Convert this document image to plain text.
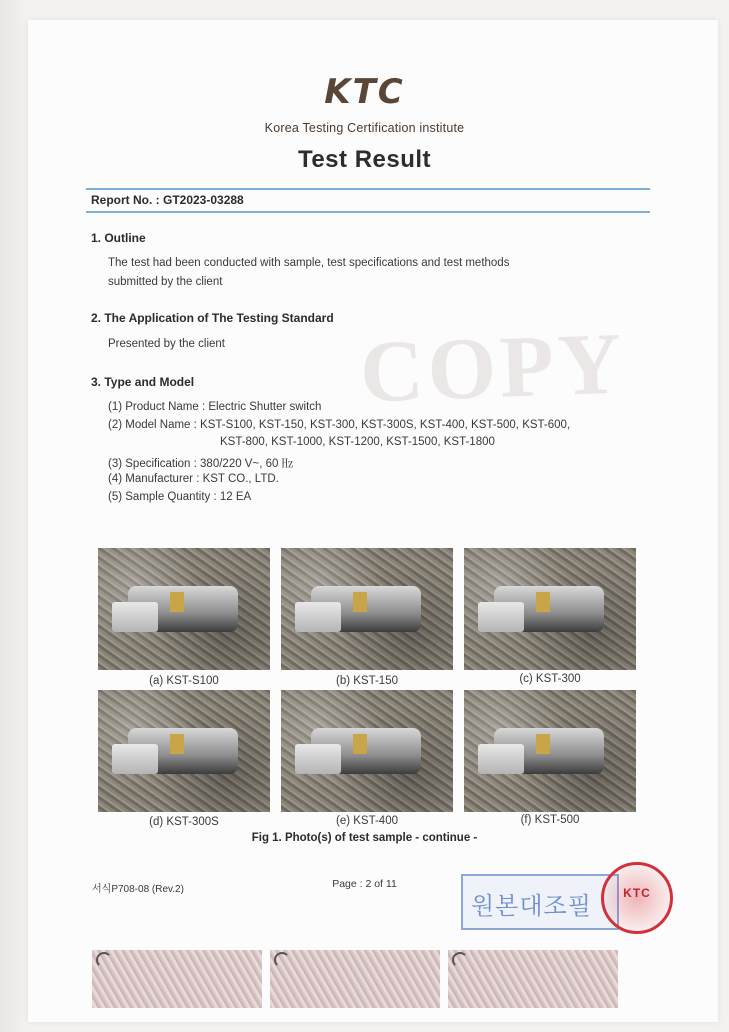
COPY
KTC
Korea Testing Certification institute
Test Result
Report No. : GT2023-03288
1. Outline
The test had been conducted with sample, test specifications and test methods
submitted by the client
2. The Application of The Testing Standard
Presented by the client
3. Type and Model
(1) Product Name : Electric Shutter switch
(2) Model Name : KST-S100, KST-150, KST-300, KST-300S, KST-400, KST-500, KST-600,
KST-800, KST-1000, KST-1200, KST-1500, KST-1800
(3) Specification : 380/220 V~, 60 ㎐
(4) Manufacturer : KST CO., LTD.
(5) Sample Quantity : 12 EA
(a) KST-S100	(b) KST-150	(c) KST-300
(d) KST-300S	(e) KST-400	(f) KST-500
Fig 1. Photo(s) of test sample - continue -
서식P708-08 (Rev.2)	Page : 2 of 11
원본대조필	KTC
